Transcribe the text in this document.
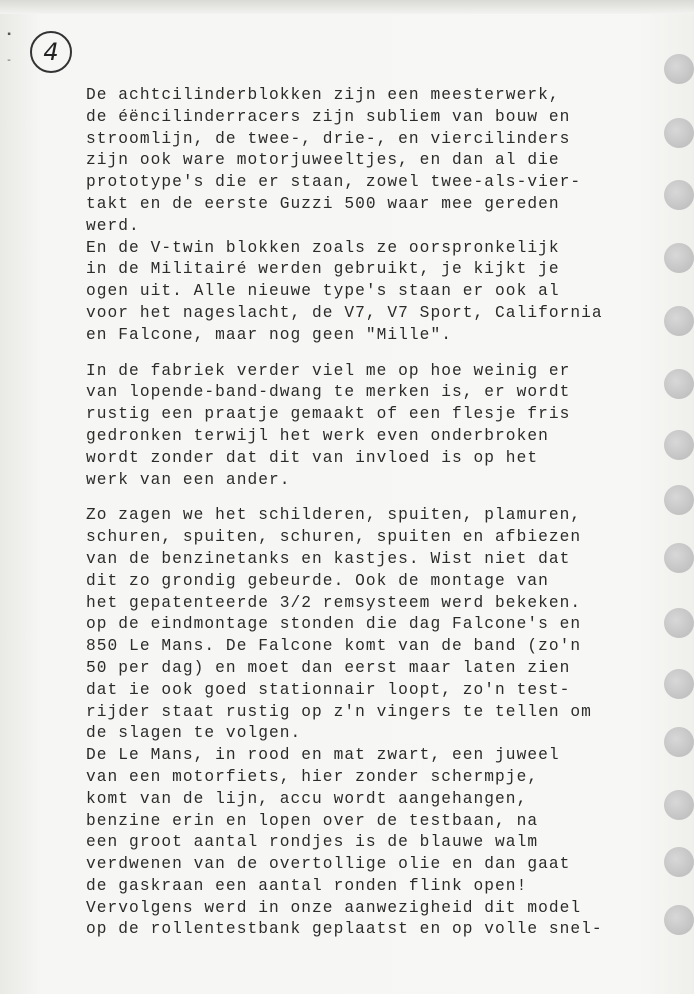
▪
-	4
De achtcilinderblokken zijn een meesterwerk,
de éëncilinderracers zijn subliem van bouw en
stroomlijn, de twee-, drie-, en viercilinders
zijn ook ware motorjuweeltjes, en dan al die
prototype's die er staan, zowel twee-als-vier-
takt en de eerste Guzzi 500 waar mee gereden
werd.
En de V-twin blokken zoals ze oorspronkelijk
in de Militairé werden gebruikt, je kijkt je
ogen uit. Alle nieuwe type's staan er ook al
voor het nageslacht, de V7, V7 Sport, California
en Falcone, maar nog geen "Mille".
In de fabriek verder viel me op hoe weinig er
van lopende-band-dwang te merken is, er wordt
rustig een praatje gemaakt of een flesje fris
gedronken terwijl het werk even onderbroken
wordt zonder dat dit van invloed is op het
werk van een ander.
Zo zagen we het schilderen, spuiten, plamuren,
schuren, spuiten, schuren, spuiten en afbiezen
van de benzinetanks en kastjes. Wist niet dat
dit zo grondig gebeurde. Ook de montage van
het gepatenteerde 3/2 remsysteem werd bekeken.
op de eindmontage stonden die dag Falcone's en
850 Le Mans. De Falcone komt van de band (zo'n
50 per dag) en moet dan eerst maar laten zien
dat ie ook goed stationnair loopt, zo'n test-
rijder staat rustig op z'n vingers te tellen om
de slagen te volgen.
De Le Mans, in rood en mat zwart, een juweel
van een motorfiets, hier zonder schermpje,
komt van de lijn, accu wordt aangehangen,
benzine erin en lopen over de testbaan, na
een groot aantal rondjes is de blauwe walm
verdwenen van de overtollige olie en dan gaat
de gaskraan een aantal ronden flink open!
Vervolgens werd in onze aanwezigheid dit model
op de rollentestbank geplaatst en op volle snel-
